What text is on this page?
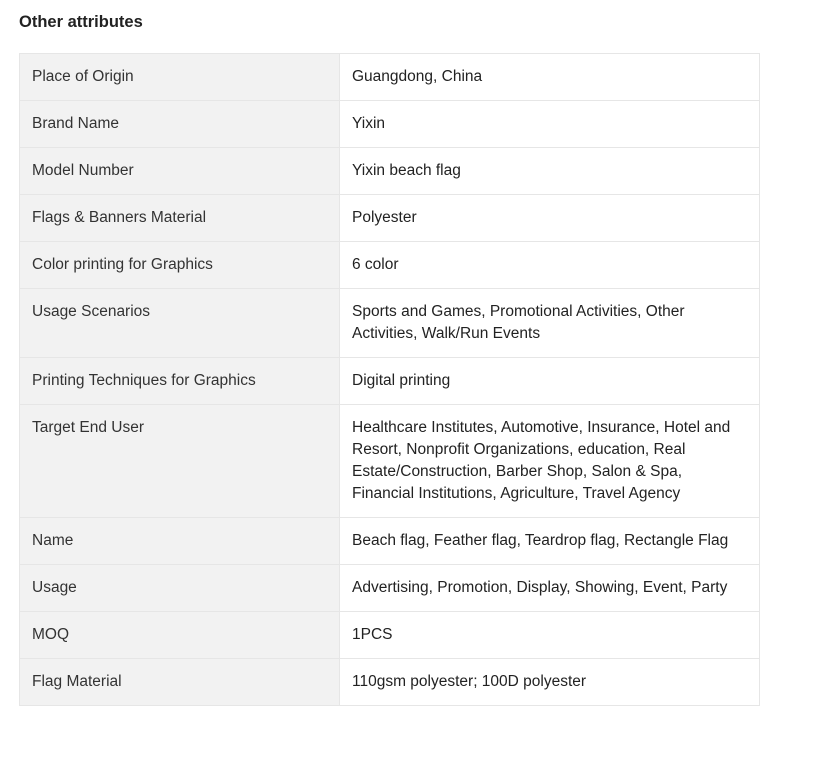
Other attributes
Place of Origin	Guangdong, China
Brand Name	Yixin
Model Number	Yixin beach flag
Flags & Banners Material	Polyester
Color printing for Graphics	6 color
Usage Scenarios	Sports and Games, Promotional Activities, Other Activities, Walk/Run Events
Printing Techniques for Graphics	Digital printing
Target End User	Healthcare Institutes, Automotive, Insurance, Hotel and Resort, Nonprofit Organizations, education, Real Estate/Construction, Barber Shop, Salon & Spa, Financial Institutions, Agriculture, Travel Agency
Name	Beach flag, Feather flag, Teardrop flag, Rectangle Flag
Usage	Advertising, Promotion, Display, Showing, Event, Party
MOQ	1PCS
Flag Material	110gsm polyester; 100D polyester
